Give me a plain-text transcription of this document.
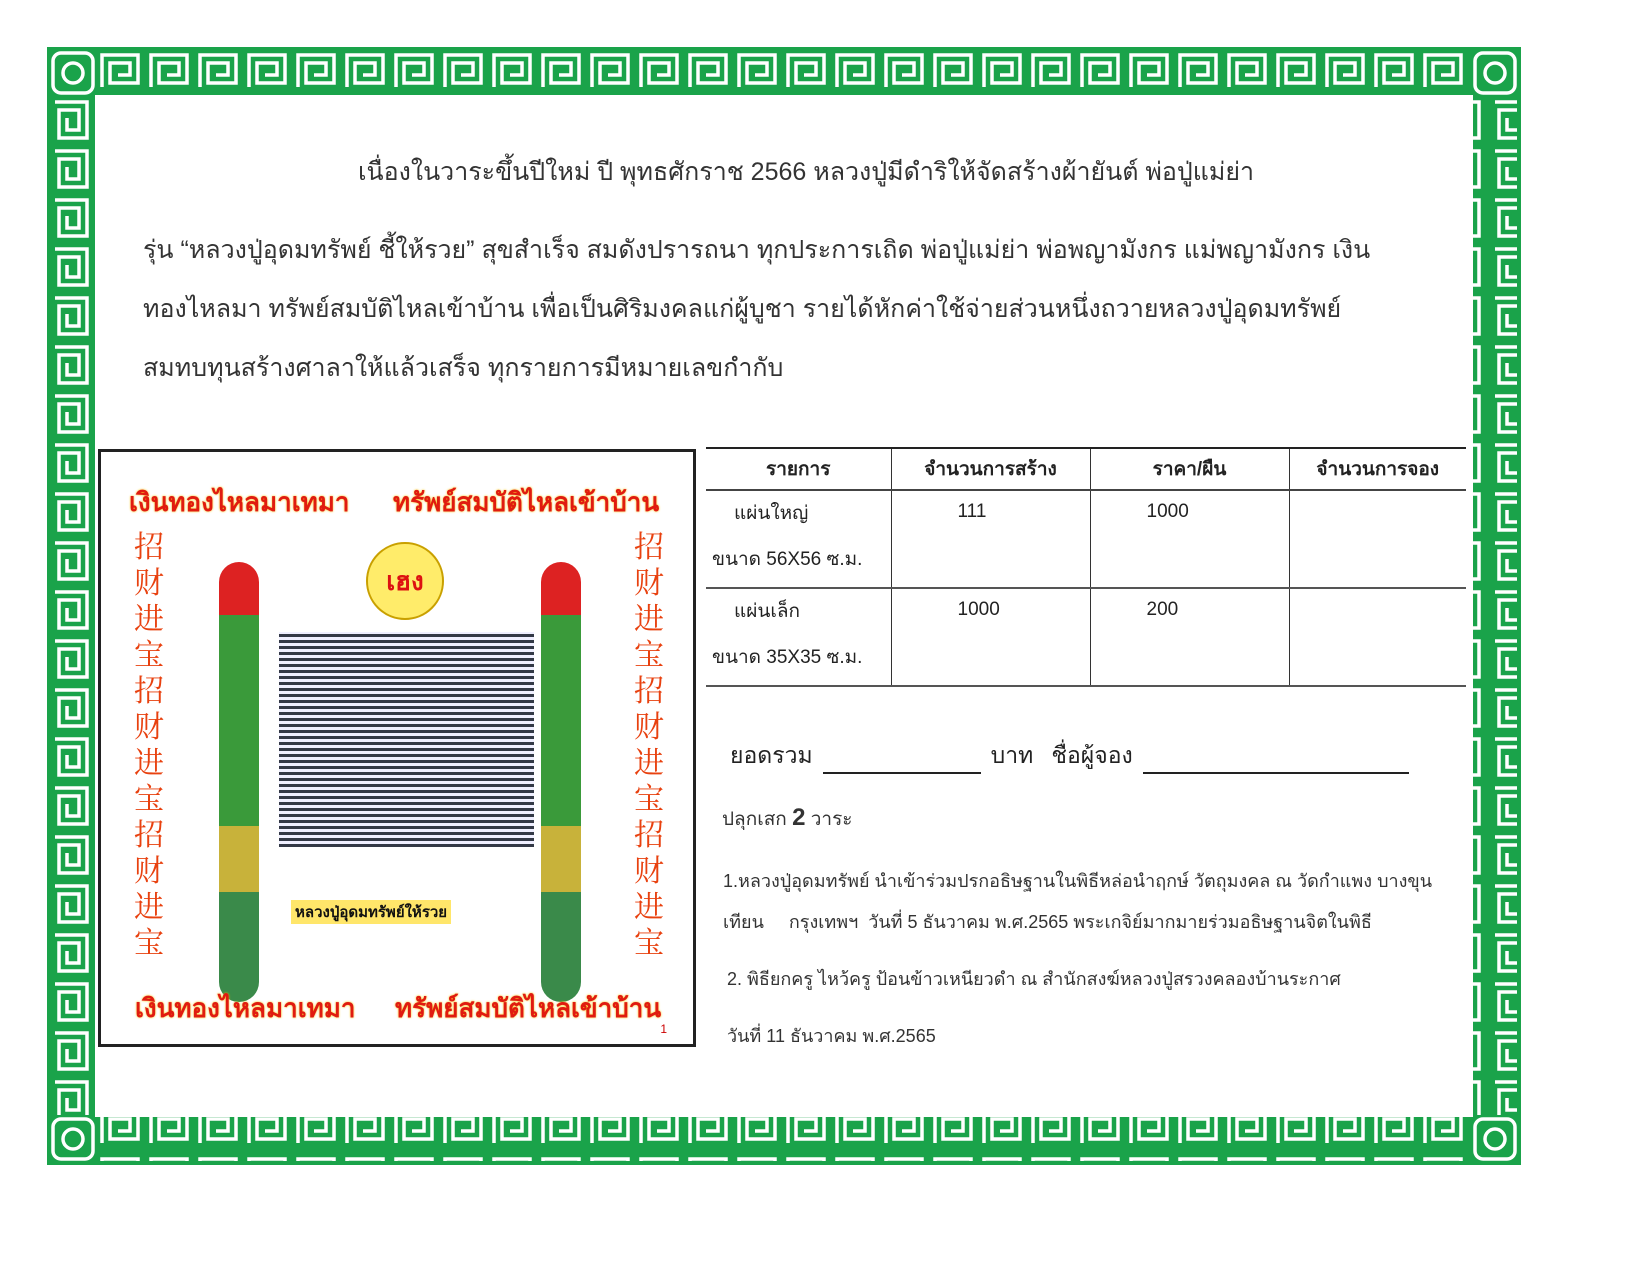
เนื่องในวาระขึ้นปีใหม่ ปี พุทธศักราช 2566 หลวงปู่มีดำริให้จัดสร้างผ้ายันต์ พ่อปู่แม่ย่า
รุ่น “หลวงปู่อุดมทรัพย์ ชี้ให้รวย” สุขสำเร็จ สมดังปรารถนา ทุกประการเถิด พ่อปู่แม่ย่า พ่อพญามังกร แม่พญามังกร เงิน
ทองไหลมา ทรัพย์สมบัติไหลเข้าบ้าน เพื่อเป็นศิริมงคลแก่ผู้บูชา รายได้หักค่าใช้จ่ายส่วนหนึ่งถวายหลวงปู่อุดมทรัพย์
สมทบทุนสร้างศาลาให้แล้วเสร็จ ทุกรายการมีหมายเลขกำกับ
เงินทองไหลมาเทมา ทรัพย์สมบัติไหลเข้าบ้าน
招财进宝招财进宝招财进宝
招财进宝招财进宝招财进宝
เฮง
หลวงปู่อุดมทรัพย์ให้รวย
เงินทองไหลมาเทมา ทรัพย์สมบัติไหลเข้าบ้าน
1
รายการ	จำนวนการสร้าง	ราคา/ผืน	จำนวนการจอง

แผ่นใหญ่
ขนาด 56X56 ซ.ม.	111	1000	

แผ่นเล็ก
ขนาด 35X35 ซ.ม.	1000	200	

ยอดรวม	บาท ชื่อผู้จอง
ปลุกเสก 2 วาระ
1.หลวงปู่อุดมทรัพย์ นำเข้าร่วมปรกอธิษฐานในพิธีหล่อนำฤกษ์ วัตถุมงคล ณ วัดกำแพง บางขุน
เทียน     กรุงเทพฯ  วันที่ 5 ธันวาคม พ.ศ.2565 พระเกจิย์มากมายร่วมอธิษฐานจิตในพิธี
2. พิธียกครู ไหว้ครู ป้อนข้าวเหนียวดำ ณ สำนักสงฆ์หลวงปู่สรวงคลองบ้านระกาศ
วันที่ 11 ธันวาคม พ.ศ.2565
